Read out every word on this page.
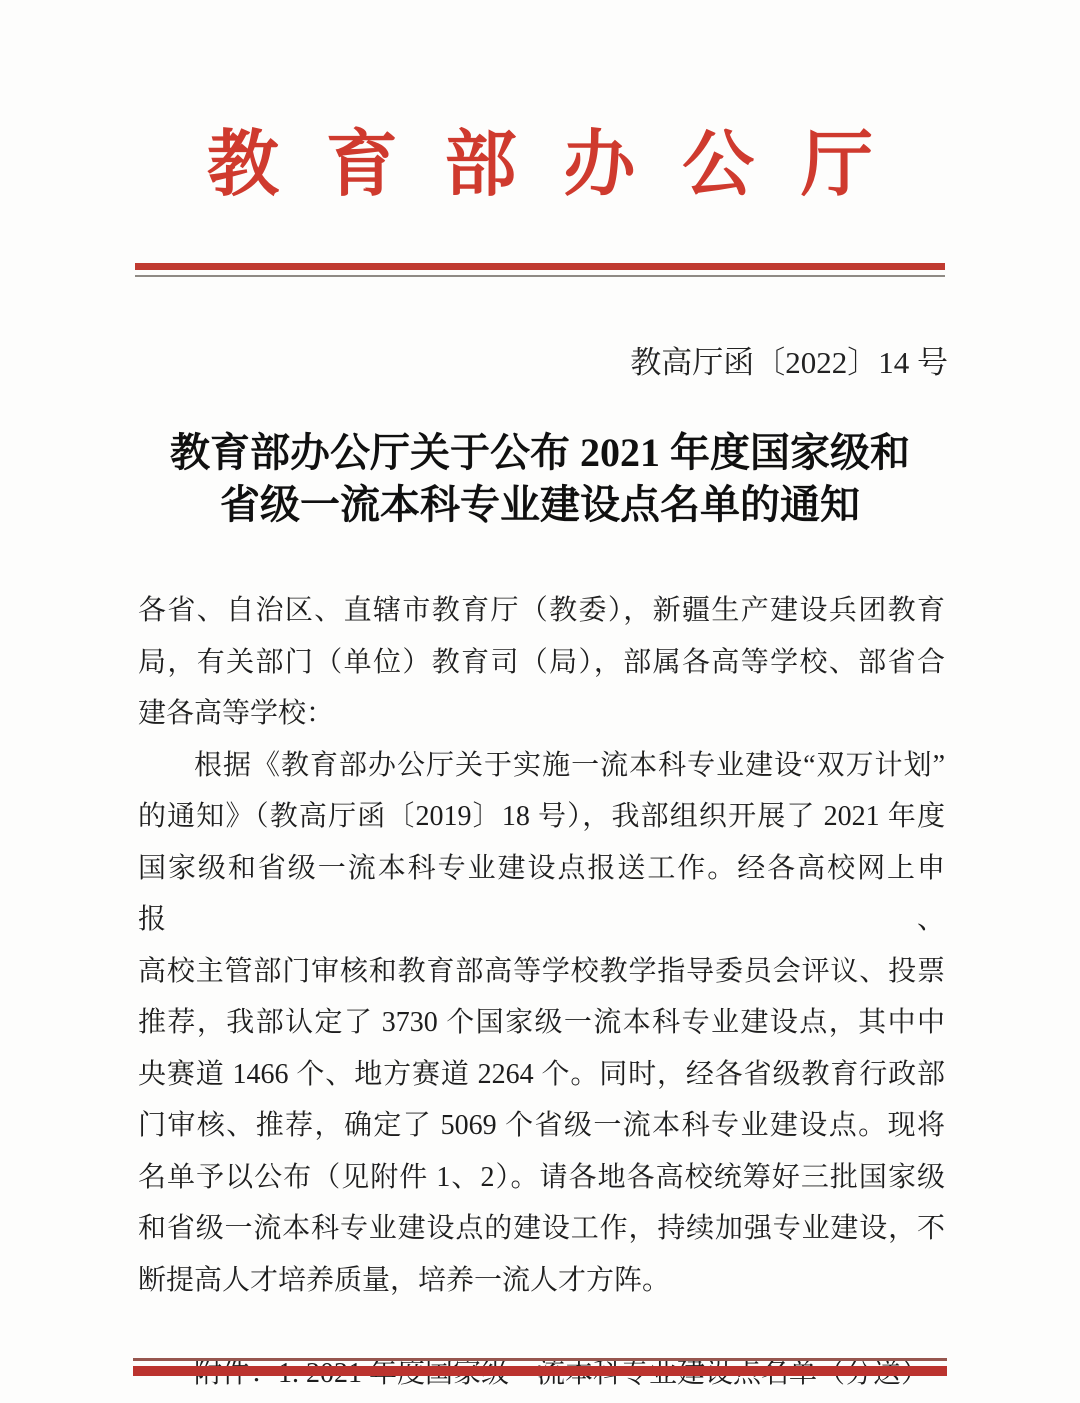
教育部办公厅
教高厅函〔2022〕14 号
教育部办公厅关于公布 2021 年度国家级和
省级一流本科专业建设点名单的通知
各省、自治区、直辖市教育厅（教委），新疆生产建设兵团教育
局，有关部门（单位）教育司（局），部属各高等学校、部省合
建各高等学校：
根据《教育部办公厅关于实施一流本科专业建设“双万计划”
的通知》（教高厅函〔2019〕18 号），我部组织开展了 2021 年度
国家级和省级一流本科专业建设点报送工作。经各高校网上申报、
高校主管部门审核和教育部高等学校教学指导委员会评议、投票
推荐，我部认定了 3730 个国家级一流本科专业建设点，其中中
央赛道 1466 个、地方赛道 2264 个。同时，经各省级教育行政部
门审核、推荐，确定了 5069 个省级一流本科专业建设点。现将
名单予以公布（见附件 1、2）。请各地各高校统筹好三批国家级
和省级一流本科专业建设点的建设工作，持续加强专业建设，不
断提高人才培养质量，培养一流人才方阵。
